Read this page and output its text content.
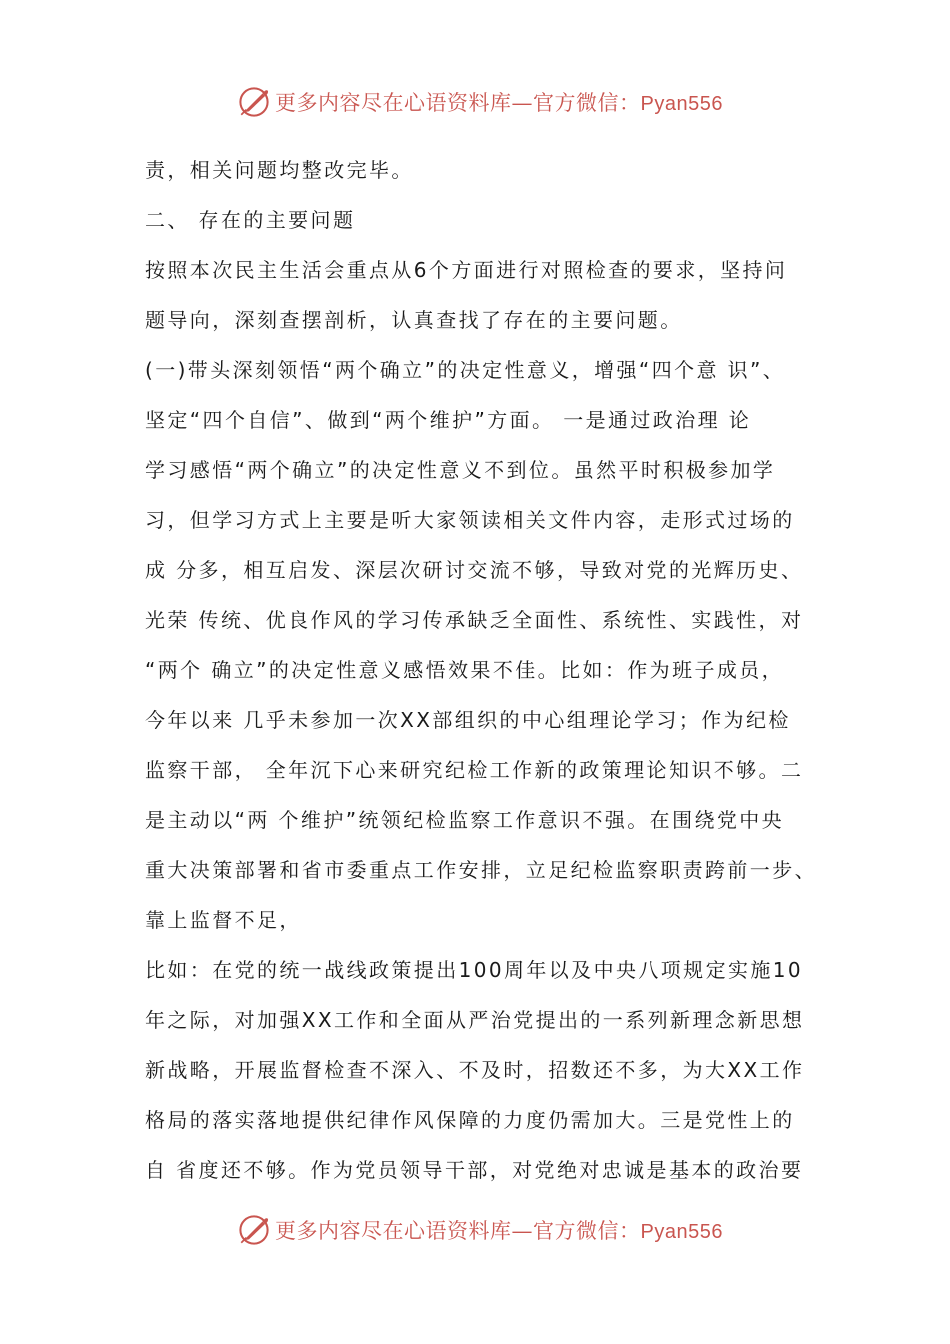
更多内容尽在心语资料库—官方微信：Pyan556
责，相关问题均整改完毕。
二、 存在的主要问题
按照本次民主生活会重点从6个方面进行对照检查的要求，坚持问
题导向，深刻查摆剖析，认真查找了存在的主要问题。
(一)带头深刻领悟“两个确立”的决定性意义，增强“四个意 识”、
坚定“四个自信”、做到“两个维护”方面。 一是通过政治理 论
学习感悟“两个确立”的决定性意义不到位。虽然平时积极参加学
习，但学习方式上主要是听大家领读相关文件内容，走形式过场的
成 分多，相互启发、深层次研讨交流不够，导致对党的光辉历史、
光荣 传统、优良作风的学习传承缺乏全面性、系统性、实践性，对
“两个 确立”的决定性意义感悟效果不佳。比如：作为班子成员，
今年以来 几乎未参加一次XX部组织的中心组理论学习；作为纪检
监察干部， 全年沉下心来研究纪检工作新的政策理论知识不够。二
是主动以“两 个维护”统领纪检监察工作意识不强。在围绕党中央
重大决策部署和省市委重点工作安排，立足纪检监察职责跨前一步、
靠上监督不足，
比如：在党的统一战线政策提出100周年以及中央八项规定实施10
年之际，对加强XX工作和全面从严治党提出的一系列新理念新思想
新战略，开展监督检查不深入、不及时，招数还不多，为大XX工作
格局的落实落地提供纪律作风保障的力度仍需加大。三是党性上的
自 省度还不够。作为党员领导干部，对党绝对忠诚是基本的政治要
更多内容尽在心语资料库—官方微信：Pyan556
